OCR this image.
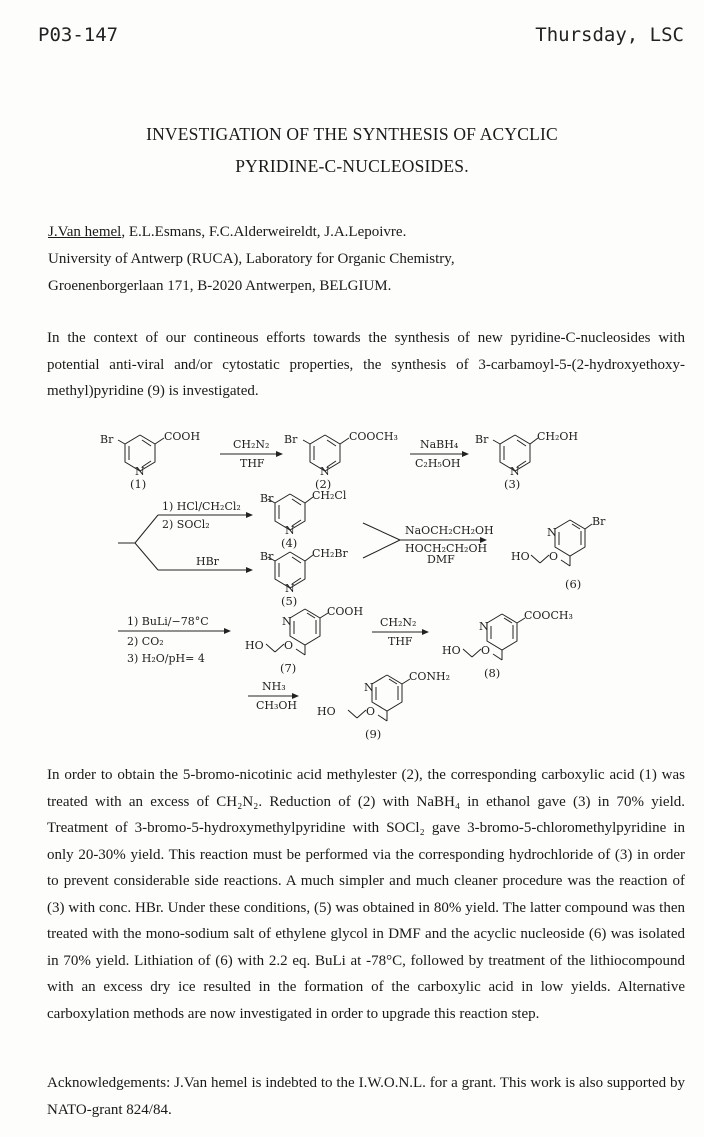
P03-147	Thursday, LSC
INVESTIGATION OF THE SYNTHESIS OF ACYCLIC
PYRIDINE-C-NUCLEOSIDES.
J.Van hemel, E.L.Esmans, F.C.Alderweireldt, J.A.Lepoivre.
University of Antwerp (RUCA), Laboratory for Organic Chemistry,
Groenenborgerlaan 171, B-2020 Antwerpen, BELGIUM.

In the context of our contineous efforts towards the synthesis of new pyridine-C-nucleosides with potential anti-viral and/or cytostatic properties, the synthesis of 3-carbamoyl-5-(2-hydroxyethoxy-methyl)pyridine (9) is investigated.

Br	COOH
N
(1)
CH₂N₂
THF
Br	COOCH₃
N
(2)
NaBH₄
C₂H₅OH
Br	CH₂OH
N
(3)
1) HCl/CH₂Cl₂
2) SOCl₂
HBr
Br	CH₂Cl
N
(4)
Br	CH₂Br
N
(5)
NaOCH₂CH₂OH
HOCH₂CH₂OH
DMF
Br
N
O
HO
(6)
1) BuLi/−78°C
2) CO₂
3) H₂O/pH= 4
COOH
N
O
HO
(7)
CH₂N₂
THF
COOCH₃
N
O
HO
(8)
NH₃
CH₃OH
CONH₂
N
O
HO
(9)

In order to obtain the 5-bromo-nicotinic acid methylester (2), the corresponding carboxylic acid (1) was treated with an excess of CH₂N₂. Reduction of (2) with NaBH₄ in ethanol gave (3) in 70% yield. Treatment of 3-bromo-5-hydroxymethylpyridine with SOCl₂ gave 3-bromo-5-chloromethylpyridine in only 20-30% yield. This reaction must be performed via the corresponding hydrochloride of (3) in order to prevent considerable side reactions. A much simpler and much cleaner procedure was the reaction of (3) with conc. HBr. Under these conditions, (5) was obtained in 80% yield. The latter compound was then treated with the mono-sodium salt of ethylene glycol in DMF and the acyclic nucleoside (6) was isolated in 70% yield. Lithiation of (6) with 2.2 eq. BuLi at -78°C, followed by treatment of the lithiocompound with an excess dry ice resulted in the formation of the carboxylic acid in low yields. Alternative carboxylation methods are now investigated in order to upgrade this reaction step.

Acknowledgements: J.Van hemel is indebted to the I.W.O.N.L. for a grant. This work is also supported by NATO-grant 824/84.
